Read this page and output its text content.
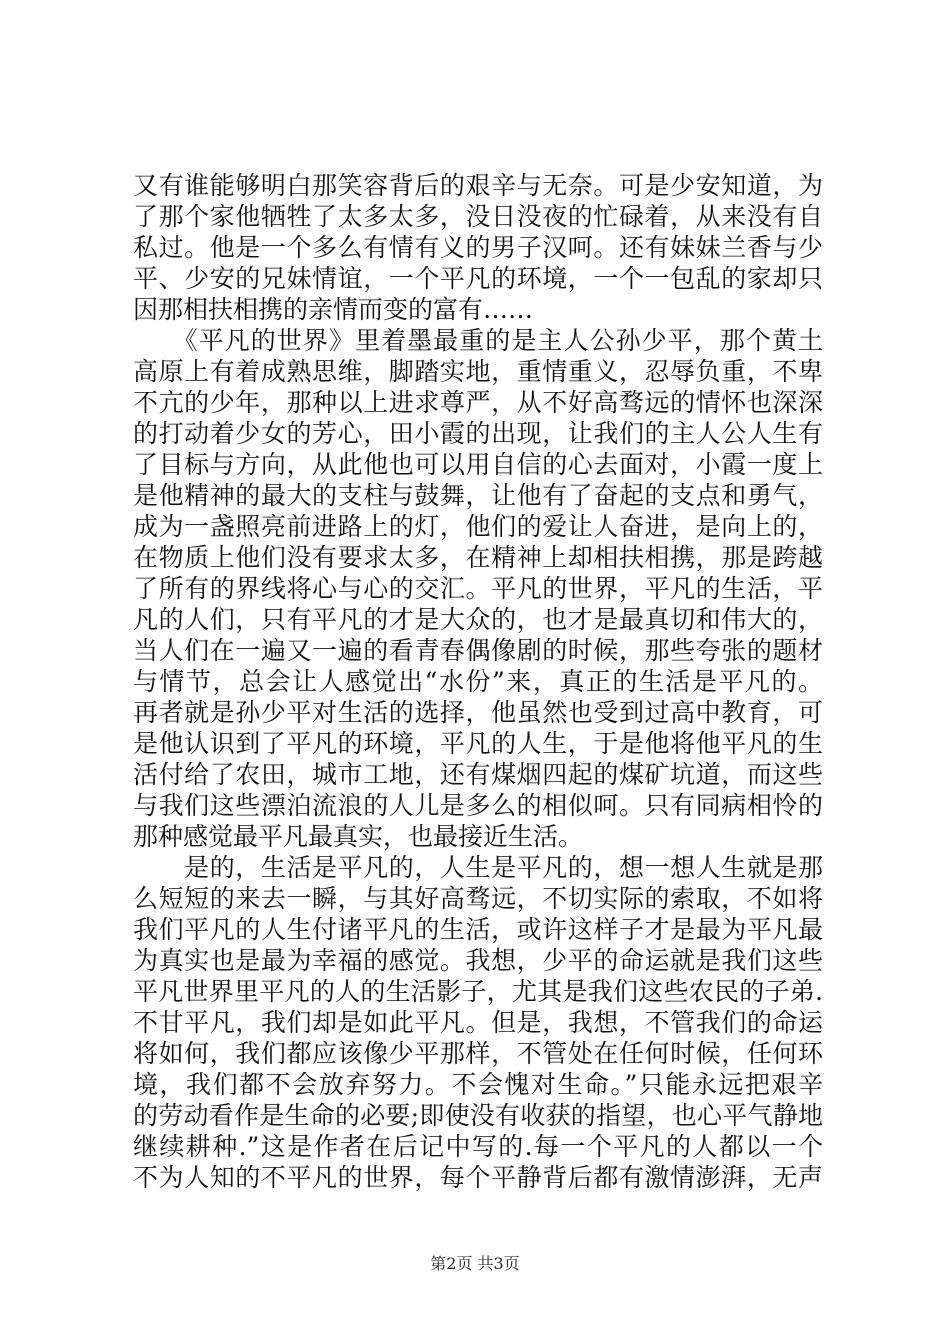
又有谁能够明白那笑容背后的艰辛与无奈。可是少安知道，为
了那个家他牺牲了太多太多，没日没夜的忙碌着，从来没有自
私过。他是一个多么有情有义的男子汉呵。还有妹妹兰香与少
平、少安的兄妹情谊，一个平凡的环境，一个一包乱的家却只
因那相扶相携的亲情而变的富有……
　　《平凡的世界》里着墨最重的是主人公孙少平，那个黄土
高原上有着成熟思维，脚踏实地，重情重义，忍辱负重，不卑
不亢的少年，那种以上进求尊严，从不好高骛远的情怀也深深
的打动着少女的芳心，田小霞的出现，让我们的主人公人生有
了目标与方向，从此他也可以用自信的心去面对，小霞一度上
是他精神的最大的支柱与鼓舞，让他有了奋起的支点和勇气，
成为一盏照亮前进路上的灯，他们的爱让人奋进，是向上的，
在物质上他们没有要求太多，在精神上却相扶相携，那是跨越
了所有的界线将心与心的交汇。平凡的世界，平凡的生活，平
凡的人们，只有平凡的才是大众的，也才是最真切和伟大的，
当人们在一遍又一遍的看青春偶像剧的时候，那些夸张的题材
与情节，总会让人感觉出“水份”来，真正的生活是平凡的。
再者就是孙少平对生活的选择，他虽然也受到过高中教育，可
是他认识到了平凡的环境，平凡的人生，于是他将他平凡的生
活付给了农田，城市工地，还有煤烟四起的煤矿坑道，而这些
与我们这些漂泊流浪的人儿是多么的相似呵。只有同病相怜的
那种感觉最平凡最真实，也最接近生活。
　　是的，生活是平凡的，人生是平凡的，想一想人生就是那
么短短的来去一瞬，与其好高骛远，不切实际的索取，不如将
我们平凡的人生付诸平凡的生活，或许这样子才是最为平凡最
为真实也是最为幸福的感觉。我想，少平的命运就是我们这些
平凡世界里平凡的人的生活影子，尤其是我们这些农民的子弟.
不甘平凡，我们却是如此平凡。但是，我想，不管我们的命运
将如何，我们都应该像少平那样，不管处在任何时候，任何环
境，我们都不会放弃努力。不会愧对生命。”只能永远把艰辛
的劳动看作是生命的必要;即使没有收获的指望，也心平气静地
继续耕种.”这是作者在后记中写的.每一个平凡的人都以一个
不为人知的不平凡的世界，每个平静背后都有激情澎湃，无声
第2页 共3页
